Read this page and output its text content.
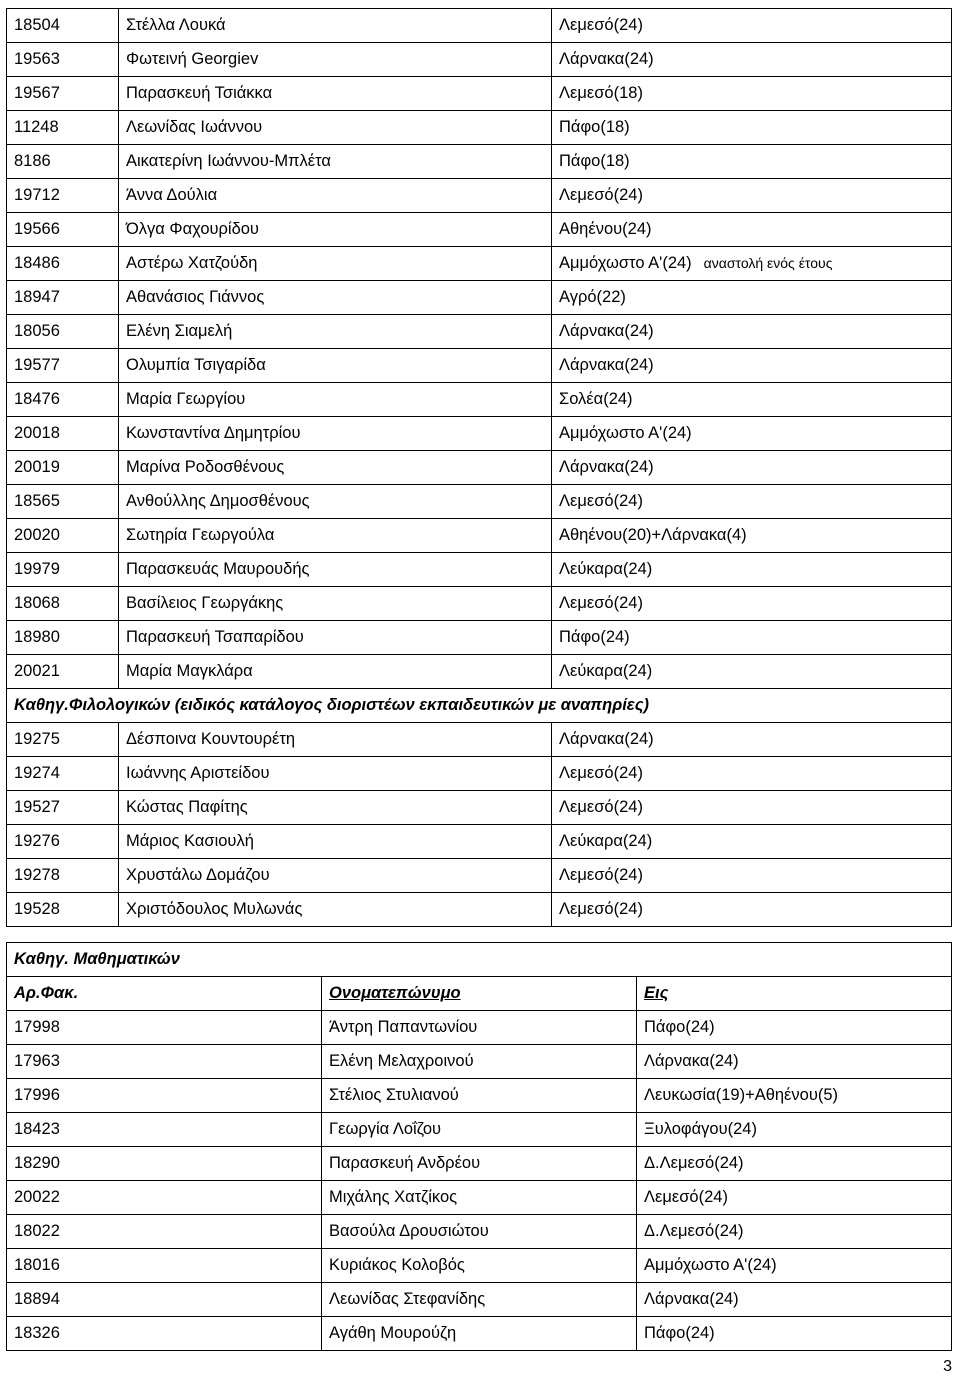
18504	Στέλλα Λουκά	Λεμεσό(24)
19563	Φωτεινή Georgiev	Λάρνακα(24)
19567	Παρασκευή Τσιάκκα	Λεμεσό(18)
11248	Λεωνίδας Ιωάννου	Πάφο(18)
8186	Αικατερίνη Ιωάννου-Μπλέτα	Πάφο(18)
19712	Άννα Δούλια	Λεμεσό(24)
19566	Όλγα Φαχουρίδου	Αθηένου(24)
18486	Αστέρω Χατζούδη	Αμμόχωστο Α'(24) αναστολή ενός έτους
18947	Αθανάσιος Γιάννος	Αγρό(22)
18056	Ελένη Σιαμελή	Λάρνακα(24)
19577	Ολυμπία Τσιγαρίδα	Λάρνακα(24)
18476	Μαρία Γεωργίου	Σολέα(24)
20018	Κωνσταντίνα Δημητρίου	Αμμόχωστο Α'(24)
20019	Μαρίνα Ροδοσθένους	Λάρνακα(24)
18565	Ανθούλλης Δημοσθένους	Λεμεσό(24)
20020	Σωτηρία Γεωργούλα	Αθηένου(20)+Λάρνακα(4)
19979	Παρασκευάς Μαυρουδής	Λεύκαρα(24)
18068	Βασίλειος Γεωργάκης	Λεμεσό(24)
18980	Παρασκευή Τσαπαρίδου	Πάφο(24)
20021	Μαρία Μαγκλάρα	Λεύκαρα(24)
Καθηγ.Φιλολογικών (ειδικός κατάλογος διοριστέων εκπαιδευτικών με αναπηρίες)		
19275	Δέσποινα Κουντουρέτη	Λάρνακα(24)
19274	Ιωάννης Αριστείδου	Λεμεσό(24)
19527	Κώστας Παφίτης	Λεμεσό(24)
19276	Μάριος Κασιουλή	Λεύκαρα(24)
19278	Χρυστάλω Δομάζου	Λεμεσό(24)
19528	Χριστόδουλος Μυλωνάς	Λεμεσό(24)
Καθηγ. Μαθηματικών		
Αρ.Φακ.	Ονοματεπώνυμο	Εις
17998	Άντρη Παπαντωνίου	Πάφο(24)
17963	Ελένη Μελαχροινού	Λάρνακα(24)
17996	Στέλιος Στυλιανού	Λευκωσία(19)+Αθηένου(5)
18423	Γεωργία Λοΐζου	Ξυλοφάγου(24)
18290	Παρασκευή Ανδρέου	Δ.Λεμεσό(24)
20022	Μιχάλης Χατζίκος	Λεμεσό(24)
18022	Βασούλα Δρουσιώτου	Δ.Λεμεσό(24)
18016	Κυριάκος Κολοβός	Αμμόχωστο Α'(24)
18894	Λεωνίδας Στεφανίδης	Λάρνακα(24)
18326	Αγάθη Μουρούζη	Πάφο(24)
3
